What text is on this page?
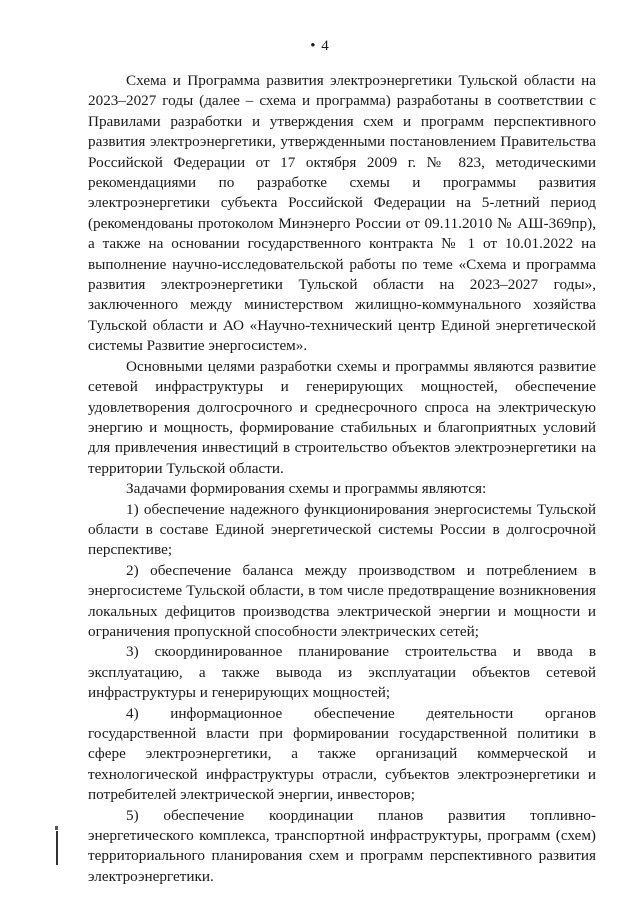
• 4

Схема и Программа развития электроэнергетики Тульской области на 2023–2027 годы (далее – схема и программа) разработаны в соответствии с Правилами разработки и утверждения схем и программ перспективного развития электроэнергетики, утвержденными постановлением Правительства Российской Федерации от 17 октября 2009 г. № 823, методическими рекомендациями по разработке схемы и программы развития электроэнергетики субъекта Российской Федерации на 5-летний период (рекомендованы протоколом Минэнерго России от 09.11.2010 № АШ-369пр), а также на основании государственного контракта № 1 от 10.01.2022 на выполнение научно-исследовательской работы по теме «Схема и программа развития электроэнергетики Тульской области на 2023–2027 годы», заключенного между министерством жилищно-коммунального хозяйства Тульской области и АО «Научно-технический центр Единой энергетической системы Развитие энергосистем».

Основными целями разработки схемы и программы являются развитие сетевой инфраструктуры и генерирующих мощностей, обеспечение удовлетворения долгосрочного и среднесрочного спроса на электрическую энергию и мощность, формирование стабильных и благоприятных условий для привлечения инвестиций в строительство объектов электроэнергетики на территории Тульской области.

Задачами формирования схемы и программы являются:

1) обеспечение надежного функционирования энергосистемы Тульской области в составе Единой энергетической системы России в долгосрочной перспективе;

2) обеспечение баланса между производством и потреблением в энергосистеме Тульской области, в том числе предотвращение возникновения локальных дефицитов производства электрической энергии и мощности и ограничения пропускной способности электрических сетей;

3) скоординированное планирование строительства и ввода в эксплуатацию, а также вывода из эксплуатации объектов сетевой инфраструктуры и генерирующих мощностей;

4) информационное обеспечение деятельности органов государственной власти при формировании государственной политики в сфере электроэнергетики, а также организаций коммерческой и технологической инфраструктуры отрасли, субъектов электроэнергетики и потребителей электрической энергии, инвесторов;

5) обеспечение координации планов развития топливно-энергетического комплекса, транспортной инфраструктуры, программ (схем) территориального планирования схем и программ перспективного развития электроэнергетики.
